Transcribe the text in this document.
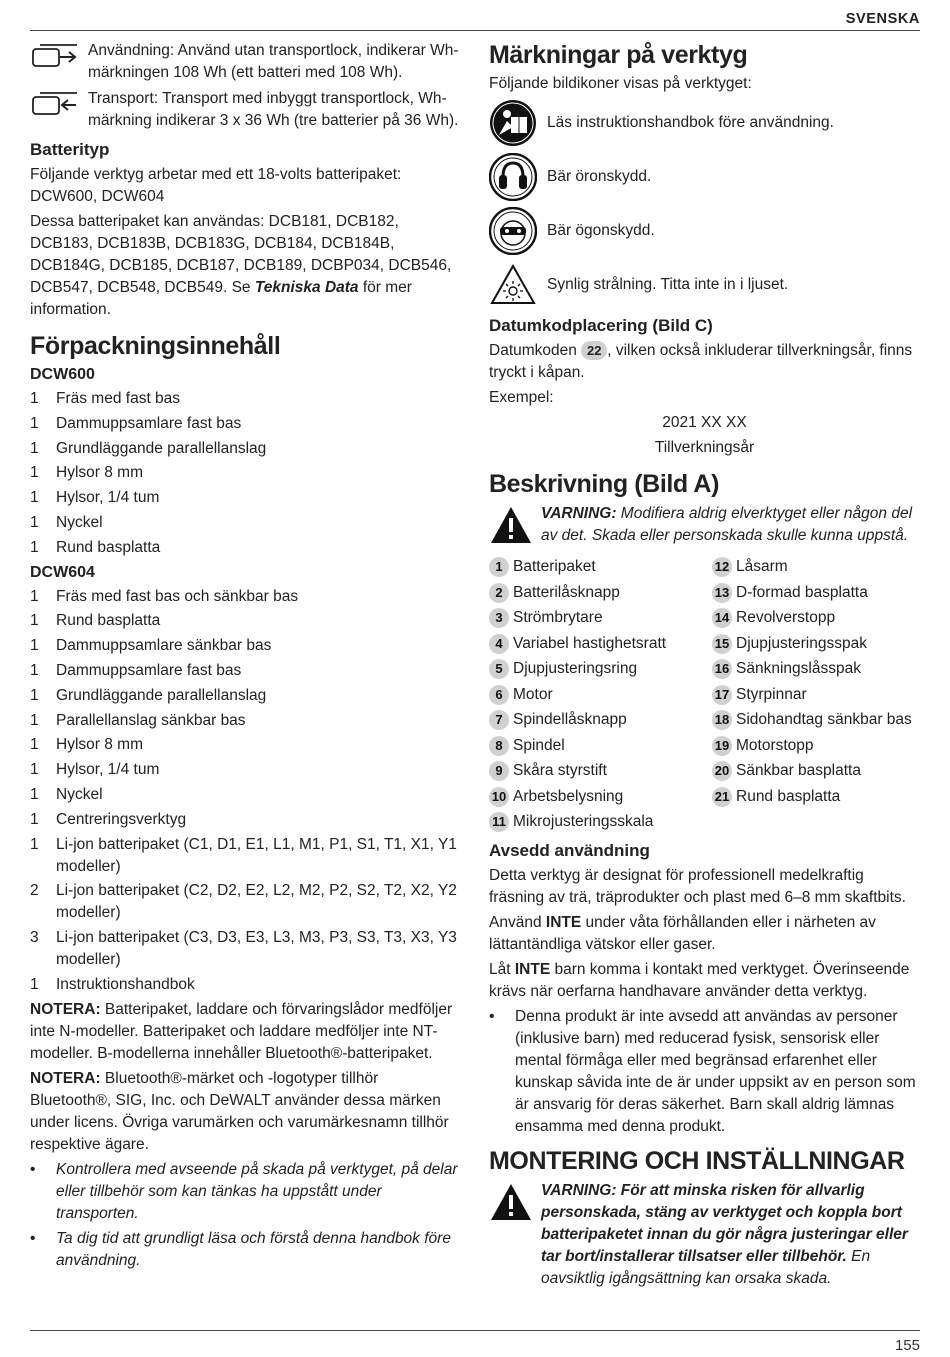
SVENSKA
Användning: Använd utan transportlock, indikerar Wh-märkningen 108 Wh (ett batteri med 108 Wh).
Transport: Transport med inbyggt transportlock, Wh-märkning indikerar 3 x 36 Wh (tre batterier på 36 Wh).
Batterityp

Följande verktyg arbetar med ett 18-volts batteripaket: DCW600, DCW604

Dessa batteripaket kan användas: DCB181, DCB182, DCB183, DCB183B, DCB183G, DCB184, DCB184B, DCB184G, DCB185, DCB187, DCB189, DCBP034, DCB546, DCB547, DCB548, DCB549. Se Tekniska Data för mer information.

Förpackningsinnehåll
DCW600
1	Fräs med fast bas
1	Dammuppsamlare fast bas
1	Grundläggande parallellanslag
1	Hylsor 8 mm
1	Hylsor, 1/4 tum
1	Nyckel
1	Rund basplatta
DCW604
1	Fräs med fast bas och sänkbar bas
1	Rund basplatta
1	Dammuppsamlare sänkbar bas
1	Dammuppsamlare fast bas
1	Grundläggande parallellanslag
1	Parallellanslag sänkbar bas
1	Hylsor 8 mm
1	Hylsor, 1/4 tum
1	Nyckel
1	Centreringsverktyg
1	Li-jon batteripaket (C1, D1, E1, L1, M1, P1, S1, T1, X1, Y1 modeller)
2	Li-jon batteripaket (C2, D2, E2, L2, M2, P2, S2, T2, X2, Y2 modeller)
3	Li-jon batteripaket (C3, D3, E3, L3, M3, P3, S3, T3, X3, Y3 modeller)
1	Instruktionshandbok

NOTERA: Batteripaket, laddare och förvaringslådor medföljer inte N-modeller. Batteripaket och laddare medföljer inte NT-modeller. B-modellerna innehåller Bluetooth®-batteripaket.

NOTERA: Bluetooth®-märket och -logotyper tillhör Bluetooth®, SIG, Inc. och DeWALT använder dessa märken under licens. Övriga varumärken och varumärkesnamn tillhör respektive ägare.

•	Kontrollera med avseende på skada på verktyget, på delar eller tillbehör som kan tänkas ha uppstått under transporten.
•	Ta dig tid att grundligt läsa och förstå denna handbok före användning.
Märkningar på verktyg

Följande bildikoner visas på verktyget:

Läs instruktionshandbok före användning.
Bär öronskydd.
Bär ögonskydd.
Synlig strålning. Titta inte in i ljuset.
Datumkodplacering (Bild C)

Datumkoden 22 , vilken också inkluderar tillverkningsår, finns tryckt i kåpan.

Exempel:

2021 XX XX

Tillverkningsår

Beskrivning (Bild A)
VARNING: Modifiera aldrig elverktyget eller någon del av det. Skada eller personskada skulle kunna uppstå.
1 Batteripaket	12 Låsarm
2 Batterilåsknapp	13 D-formad basplatta
3 Strömbrytare	14 Revolverstopp
4 Variabel hastighetsratt	15 Djupjusteringsspak
5 Djupjusteringsring	16 Sänkningslåsspak
6 Motor	17 Styrpinnar
7 Spindellåsknapp	18 Sidohandtag sänkbar bas
8 Spindel	19 Motorstopp
9 Skåra styrstift	20 Sänkbar basplatta
10 Arbetsbelysning	21 Rund basplatta
11 Mikrojusteringsskala
Avsedd användning

Detta verktyg är designat för professionell medelkraftig fräsning av trä, träprodukter och plast med 6–8 mm skaftbits.

Använd INTE under våta förhållanden eller i närheten av lättantändliga vätskor eller gaser.

Låt INTE barn komma i kontakt med verktyget. Överinseende krävs när oerfarna handhavare använder detta verktyg.

•	Denna produkt är inte avsedd att användas av personer (inklusive barn) med reducerad fysisk, sensorisk eller mental förmåga eller med begränsad erfarenhet eller kunskap såvida inte de är under uppsikt av en person som är ansvarig för deras säkerhet. Barn skall aldrig lämnas ensamma med denna produkt.
MONTERING OCH INSTÄLLNINGAR
VARNING: För att minska risken för allvarlig personskada, stäng av verktyget och koppla bort batteripaketet innan du gör några justeringar eller tar bort/installerar tillsatser eller tillbehör. En oavsiktlig igångsättning kan orsaka skada.
155
